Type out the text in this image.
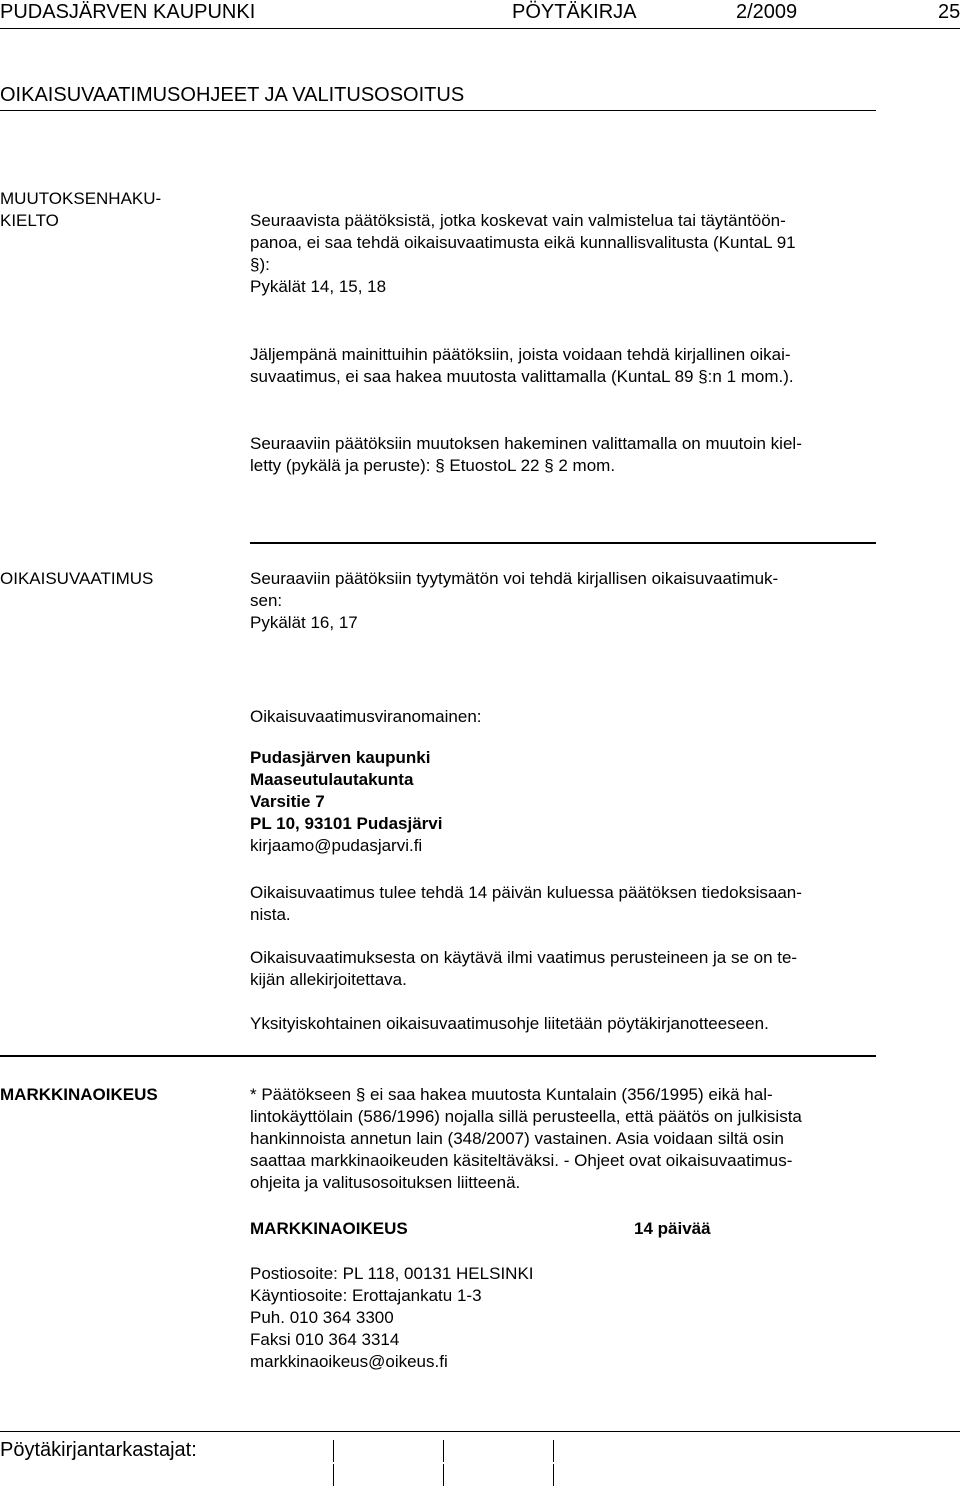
PUDASJÄRVEN KAUPUNKI	PÖYTÄKIRJA	2/2009	25
OIKAISUVAATIMUSOHJEET JA VALITUSOSOITUS
MUUTOKSENHAKU-
KIELTO	Seuraavista päätöksistä, jotka koskevat vain valmistelua tai täytäntöön-

panoa, ei saa tehdä oikaisuvaatimusta eikä kunnallisvalitusta (KuntaL 91

§):

Pykälät 14, 15, 18

Jäljempänä mainittuihin päätöksiin, joista voidaan tehdä kirjallinen oikai-

suvaatimus, ei saa hakea muutosta valittamalla (KuntaL 89 §:n 1 mom.).

Seuraaviin päätöksiin muutoksen hakeminen valittamalla on muutoin kiel-

letty (pykälä ja peruste): § EtuostoL 22 § 2 mom.

OIKAISUVAATIMUS	Seuraaviin päätöksiin tyytymätön voi tehdä kirjallisen oikaisuvaatimuk-

sen:

Pykälät 16, 17

Oikaisuvaatimusviranomainen:

Pudasjärven kaupunki

Maaseutulautakunta

Varsitie 7

PL 10, 93101 Pudasjärvi

kirjaamo@pudasjarvi.fi

Oikaisuvaatimus tulee tehdä 14 päivän kuluessa päätöksen tiedoksisaan-

nista.

Oikaisuvaatimuksesta on käytävä ilmi vaatimus perusteineen ja se on te-

kijän allekirjoitettava.

Yksityiskohtainen oikaisuvaatimusohje liitetään pöytäkirjanotteeseen.
MARKKINAOIKEUS	* Päätökseen § ei saa hakea muutosta Kuntalain (356/1995) eikä hal-

lintokäyttölain (586/1996) nojalla sillä perusteella, että päätös on julkisista

hankinnoista annetun lain (348/2007) vastainen. Asia voidaan siltä osin

saattaa markkinaoikeuden käsiteltäväksi. - Ohjeet ovat oikaisuvaatimus-

ohjeita ja valitusosoituksen liitteenä.

MARKKINAOIKEUS	14 päivää

Postiosoite: PL 118, 00131 HELSINKI

Käyntiosoite: Erottajankatu 1-3

Puh. 010 364 3300

Faksi 010 364 3314

markkinaoikeus@oikeus.fi

Pöytäkirjantarkastajat:
